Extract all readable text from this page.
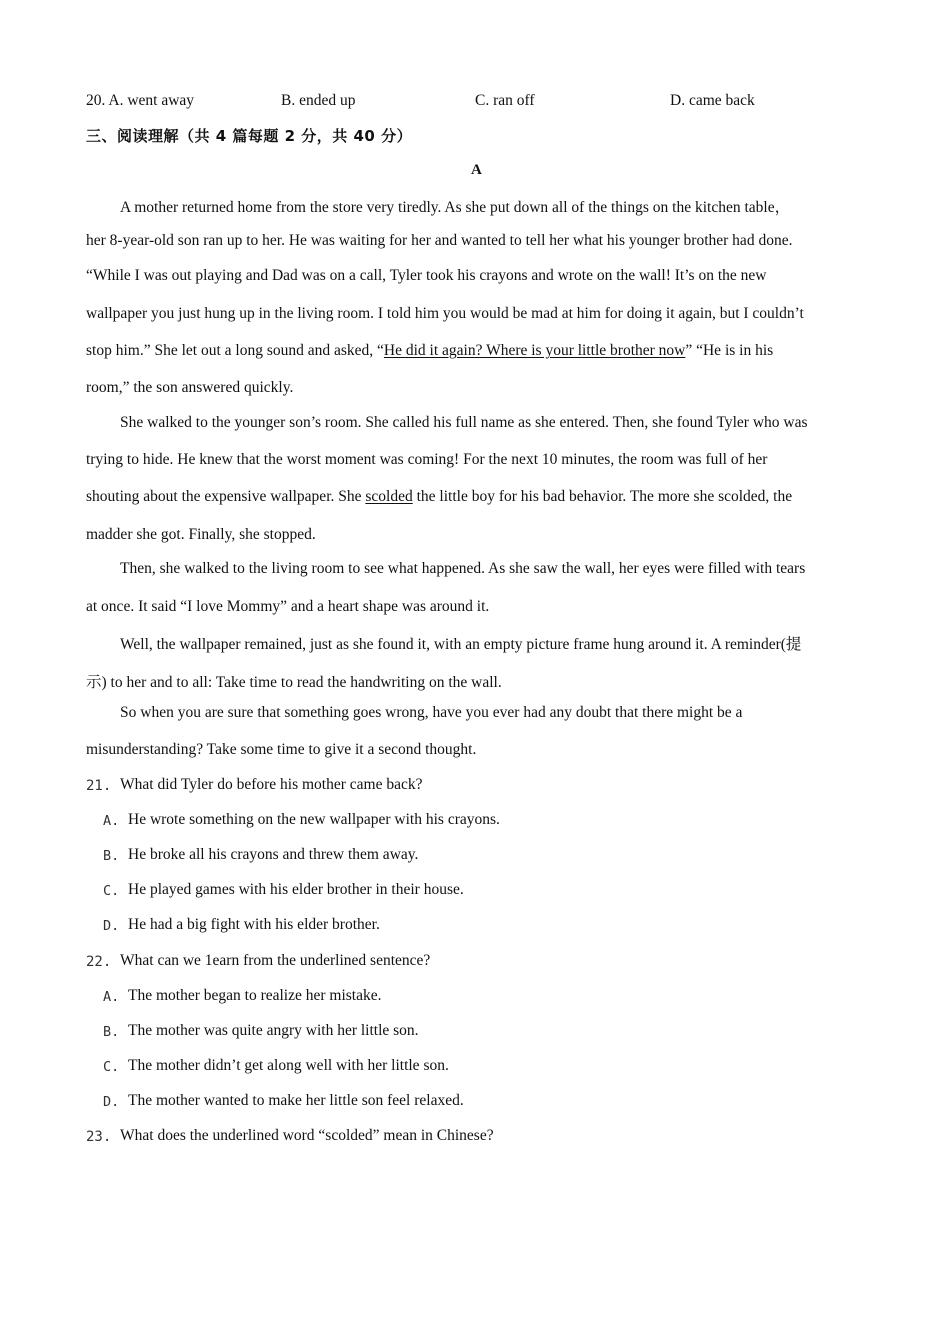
20. A. went away	B. ended up	C. ran off	D. came back
三、阅读理解（共 4 篇每题 2 分，共 40 分）
A
A mother returned home from the store very tiredly. As she put down all of the things on the kitchen table，
her 8-year-old son ran up to her. He was waiting for her and wanted to tell her what his younger brother had done.
“While I was out playing and Dad was on a call, Tyler took his crayons and wrote on the wall! It’s on the new
wallpaper you just hung up in the living room. I told him you would be mad at him for doing it again, but I couldn’t
stop him.” She let out a long sound and asked, “He did it again? Where is your little brother now” “He is in his
room,” the son answered quickly.
She walked to the younger son’s room. She called his full name as she entered. Then, she found Tyler who was
trying to hide. He knew that the worst moment was coming! For the next 10 minutes, the room was full of her
shouting about the expensive wallpaper. She scolded the little boy for his bad behavior. The more she scolded, the
madder she got. Finally, she stopped.
Then, she walked to the living room to see what happened. As she saw the wall, her eyes were filled with tears
at once. It said “I love Mommy” and a heart shape was around it.
Well, the wallpaper remained, just as she found it, with an empty picture frame hung around it. A reminder(提
示) to her and to all: Take time to read the handwriting on the wall.
So when you are sure that something goes wrong, have you ever had any doubt that there might be a
misunderstanding? Take some time to give it a second thought.
21. What did Tyler do before his mother came back?
A. He wrote something on the new wallpaper with his crayons.
B. He broke all his crayons and threw them away.
C. He played games with his elder brother in their house.
D. He had a big fight with his elder brother.
22. What can we 1earn from the underlined sentence?
A. The mother began to realize her mistake.
B. The mother was quite angry with her little son.
C. The mother didn’t get along well with her little son.
D. The mother wanted to make her little son feel relaxed.
23. What does the underlined word “scolded” mean in Chinese?
